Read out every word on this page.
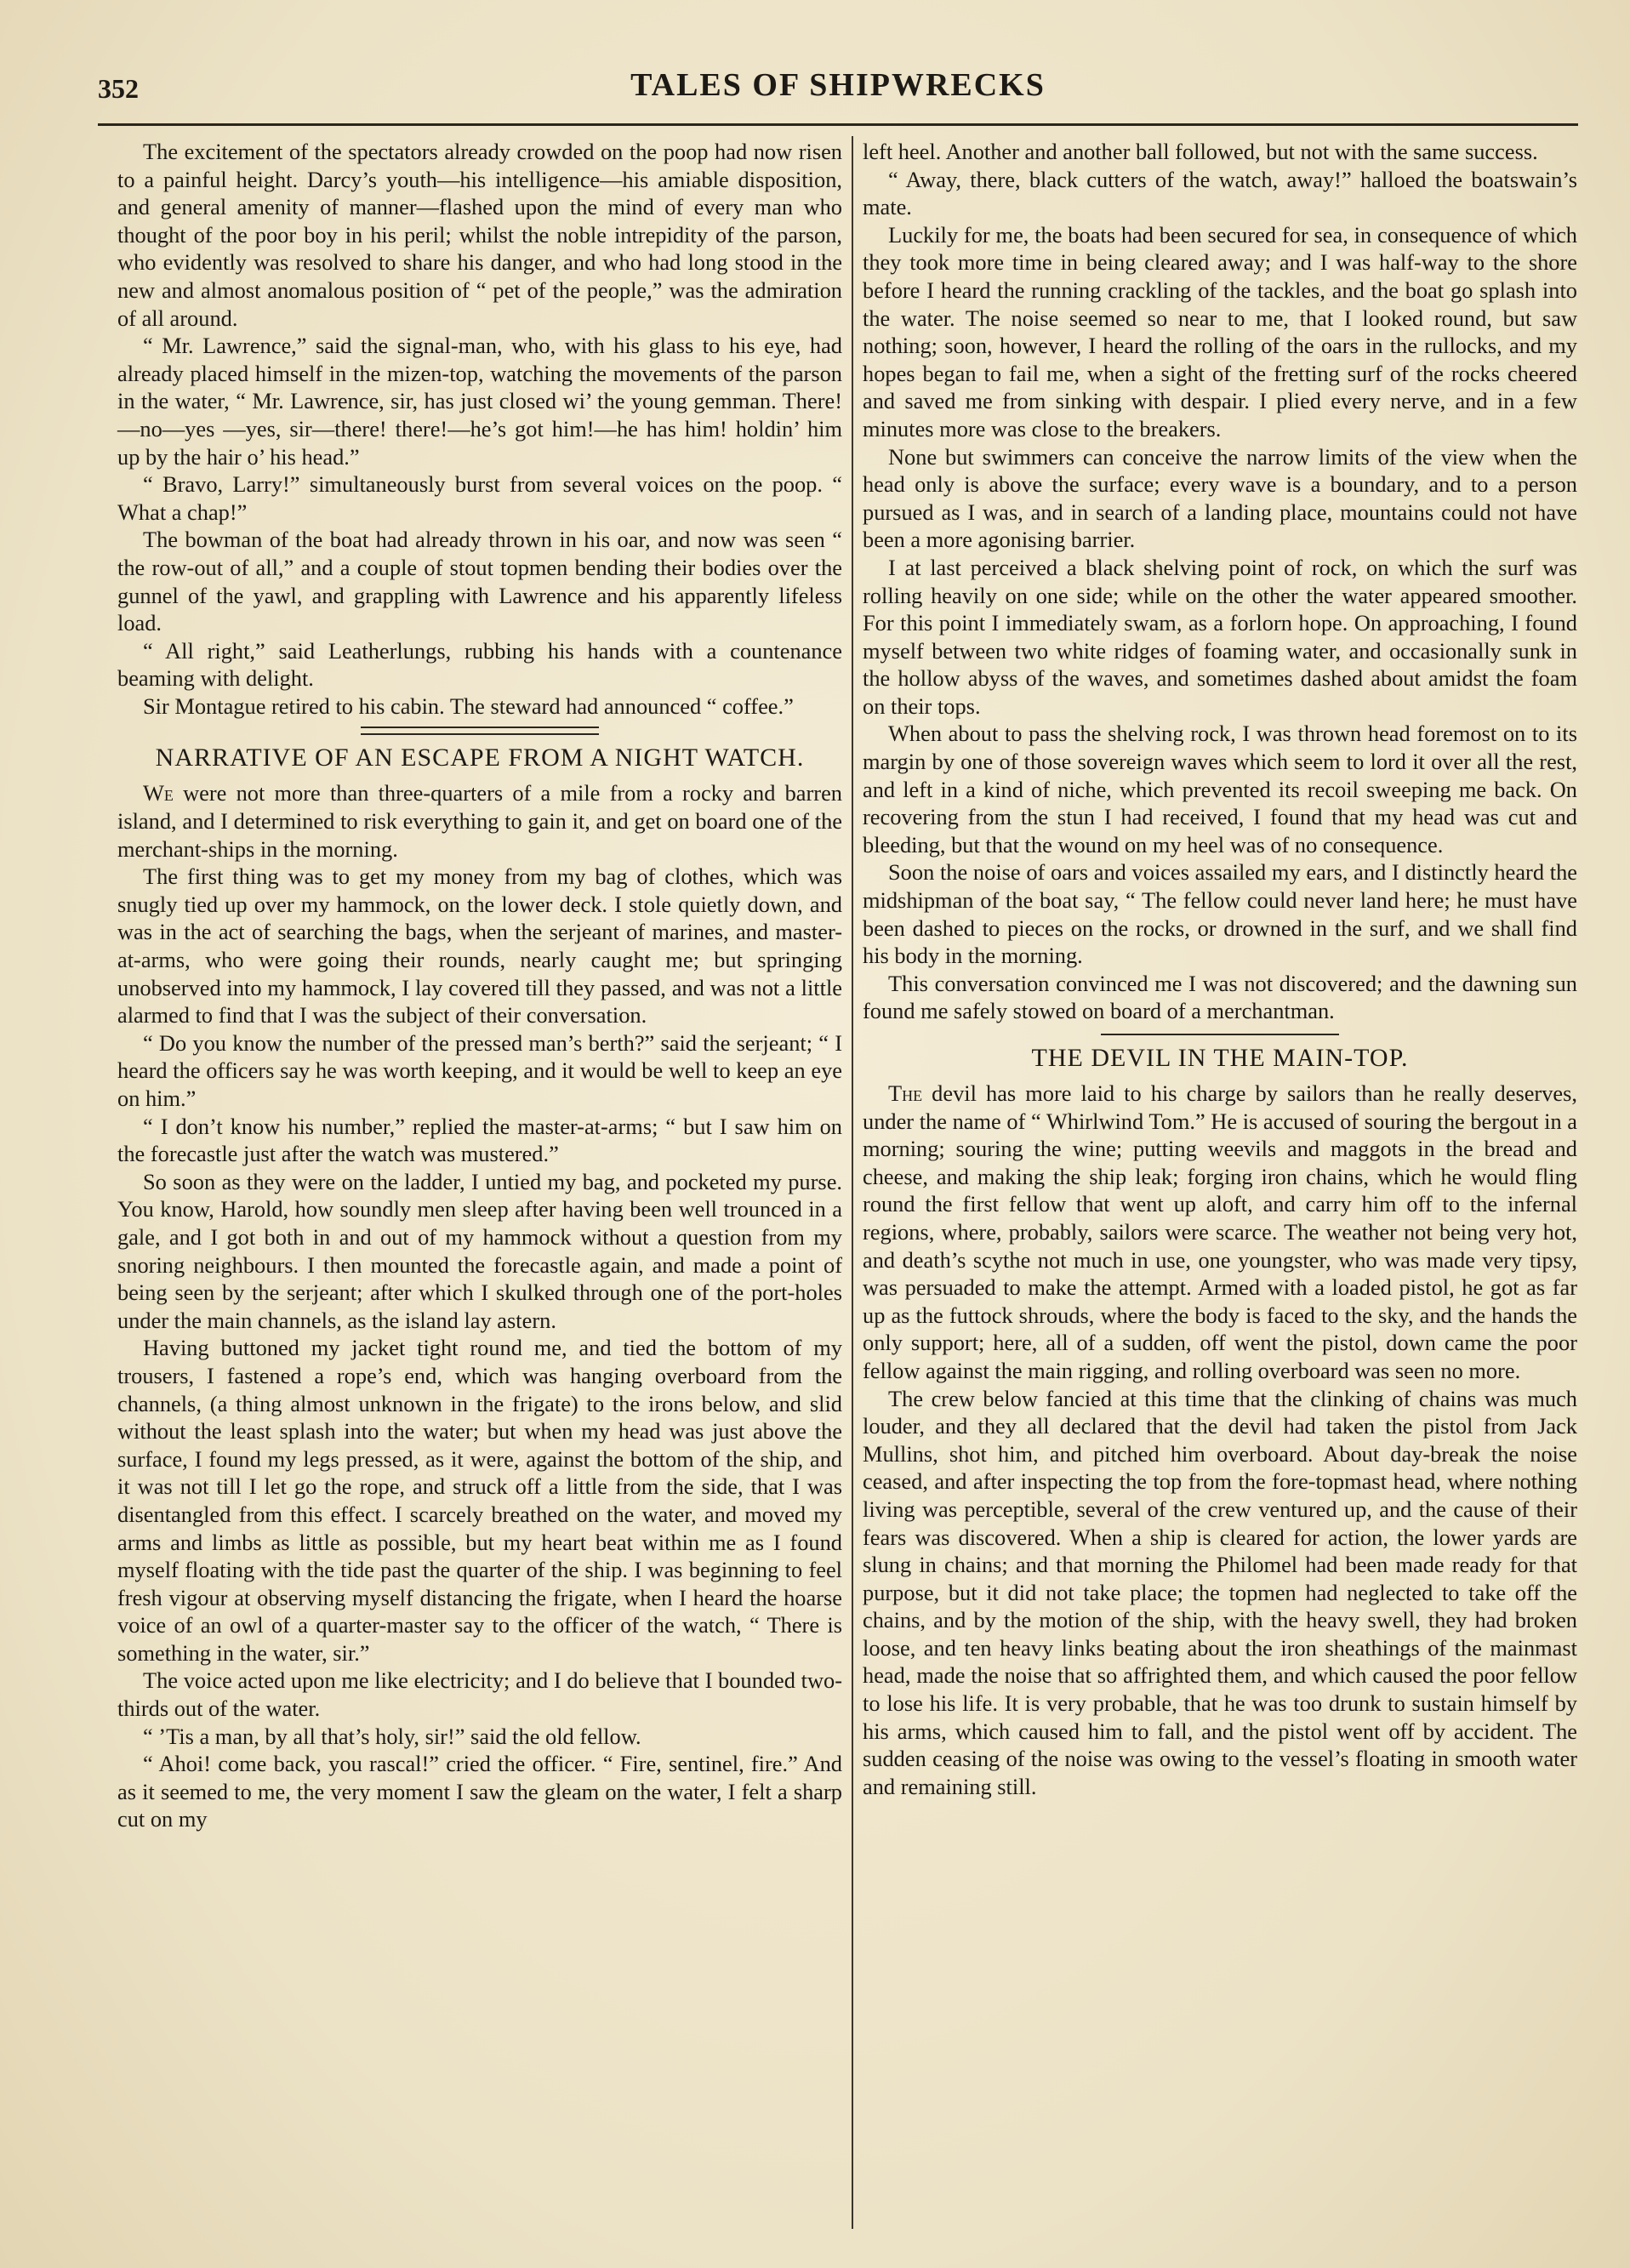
352	TALES OF SHIPWRECKS

The excitement of the spectators already crowded on the poop had now risen to a painful height. Darcy’s youth—his intelligence—his amiable disposition, and general amenity of manner—flashed upon the mind of every man who thought of the poor boy in his peril; whilst the noble intrepidity of the parson, who evidently was resolved to share his danger, and who had long stood in the new and almost anomalous position of “ pet of the people,” was the admiration of all around.

“ Mr. Lawrence,” said the signal-man, who, with his glass to his eye, had already placed himself in the mizen-top, watching the movements of the parson in the water, “ Mr. Lawrence, sir, has just closed wi’ the young gemman. There!—no—yes —yes, sir—there! there!—he’s got him!—he has him! holdin’ him up by the hair o’ his head.”

“ Bravo, Larry!” simultaneously burst from several voices on the poop. “ What a chap!”

The bowman of the boat had already thrown in his oar, and now was seen “ the row-out of all,” and a couple of stout topmen bending their bodies over the gunnel of the yawl, and grappling with Lawrence and his apparently lifeless load.

“ All right,” said Leatherlungs, rubbing his hands with a countenance beaming with delight.

Sir Montague retired to his cabin. The steward had announced “ coffee.”

NARRATIVE OF AN ESCAPE FROM A NIGHT WATCH.

We were not more than three-quarters of a mile from a rocky and barren island, and I determined to risk everything to gain it, and get on board one of the merchant-ships in the morning.

The first thing was to get my money from my bag of clothes, which was snugly tied up over my hammock, on the lower deck. I stole quietly down, and was in the act of searching the bags, when the serjeant of marines, and master-at-arms, who were going their rounds, nearly caught me; but springing unobserved into my hammock, I lay covered till they passed, and was not a little alarmed to find that I was the subject of their conversation.

“ Do you know the number of the pressed man’s berth?” said the serjeant; “ I heard the officers say he was worth keeping, and it would be well to keep an eye on him.”

“ I don’t know his number,” replied the master-at-arms; “ but I saw him on the forecastle just after the watch was mustered.”

So soon as they were on the ladder, I untied my bag, and pocketed my purse. You know, Harold, how soundly men sleep after having been well trounced in a gale, and I got both in and out of my hammock without a question from my snoring neighbours. I then mounted the forecastle again, and made a point of being seen by the serjeant; after which I skulked through one of the port-holes under the main channels, as the island lay astern.

Having buttoned my jacket tight round me, and tied the bottom of my trousers, I fastened a rope’s end, which was hanging overboard from the channels, (a thing almost unknown in the frigate) to the irons below, and slid without the least splash into the water; but when my head was just above the surface, I found my legs pressed, as it were, against the bottom of the ship, and it was not till I let go the rope, and struck off a little from the side, that I was disentangled from this effect. I scarcely breathed on the water, and moved my arms and limbs as little as possible, but my heart beat within me as I found myself floating with the tide past the quarter of the ship. I was beginning to feel fresh vigour at observing myself distancing the frigate, when I heard the hoarse voice of an owl of a quarter-master say to the officer of the watch, “ There is something in the water, sir.”

The voice acted upon me like electricity; and I do believe that I bounded two-thirds out of the water.

“ ’Tis a man, by all that’s holy, sir!” said the old fellow.

“ Ahoi! come back, you rascal!” cried the officer. “ Fire, sentinel, fire.” And as it seemed to me, the very moment I saw the gleam on the water, I felt a sharp cut on my

left heel. Another and another ball followed, but not with the same success.

“ Away, there, black cutters of the watch, away!” halloed the boatswain’s mate.

Luckily for me, the boats had been secured for sea, in consequence of which they took more time in being cleared away; and I was half-way to the shore before I heard the running crackling of the tackles, and the boat go splash into the water. The noise seemed so near to me, that I looked round, but saw nothing; soon, however, I heard the rolling of the oars in the rullocks, and my hopes began to fail me, when a sight of the fretting surf of the rocks cheered and saved me from sinking with despair. I plied every nerve, and in a few minutes more was close to the breakers.

None but swimmers can conceive the narrow limits of the view when the head only is above the surface; every wave is a boundary, and to a person pursued as I was, and in search of a landing place, mountains could not have been a more agonising barrier.

I at last perceived a black shelving point of rock, on which the surf was rolling heavily on one side; while on the other the water appeared smoother. For this point I immediately swam, as a forlorn hope. On approaching, I found myself between two white ridges of foaming water, and occasionally sunk in the hollow abyss of the waves, and sometimes dashed about amidst the foam on their tops.

When about to pass the shelving rock, I was thrown head foremost on to its margin by one of those sovereign waves which seem to lord it over all the rest, and left in a kind of niche, which prevented its recoil sweeping me back. On recovering from the stun I had received, I found that my head was cut and bleeding, but that the wound on my heel was of no consequence.

Soon the noise of oars and voices assailed my ears, and I distinctly heard the midshipman of the boat say, “ The fellow could never land here; he must have been dashed to pieces on the rocks, or drowned in the surf, and we shall find his body in the morning.

This conversation convinced me I was not discovered; and the dawning sun found me safely stowed on board of a merchantman.

THE DEVIL IN THE MAIN-TOP.

The devil has more laid to his charge by sailors than he really deserves, under the name of “ Whirlwind Tom.” He is accused of souring the bergout in a morning; souring the wine; putting weevils and maggots in the bread and cheese, and making the ship leak; forging iron chains, which he would fling round the first fellow that went up aloft, and carry him off to the infernal regions, where, probably, sailors were scarce. The weather not being very hot, and death’s scythe not much in use, one youngster, who was made very tipsy, was persuaded to make the attempt. Armed with a loaded pistol, he got as far up as the futtock shrouds, where the body is faced to the sky, and the hands the only support; here, all of a sudden, off went the pistol, down came the poor fellow against the main rigging, and rolling overboard was seen no more.

The crew below fancied at this time that the clinking of chains was much louder, and they all declared that the devil had taken the pistol from Jack Mullins, shot him, and pitched him overboard. About day-break the noise ceased, and after inspecting the top from the fore-topmast head, where nothing living was perceptible, several of the crew ventured up, and the cause of their fears was discovered. When a ship is cleared for action, the lower yards are slung in chains; and that morning the Philomel had been made ready for that purpose, but it did not take place; the topmen had neglected to take off the chains, and by the motion of the ship, with the heavy swell, they had broken loose, and ten heavy links beating about the iron sheathings of the mainmast head, made the noise that so affrighted them, and which caused the poor fellow to lose his life. It is very probable, that he was too drunk to sustain himself by his arms, which caused him to fall, and the pistol went off by accident. The sudden ceasing of the noise was owing to the vessel’s floating in smooth water and remaining still.
